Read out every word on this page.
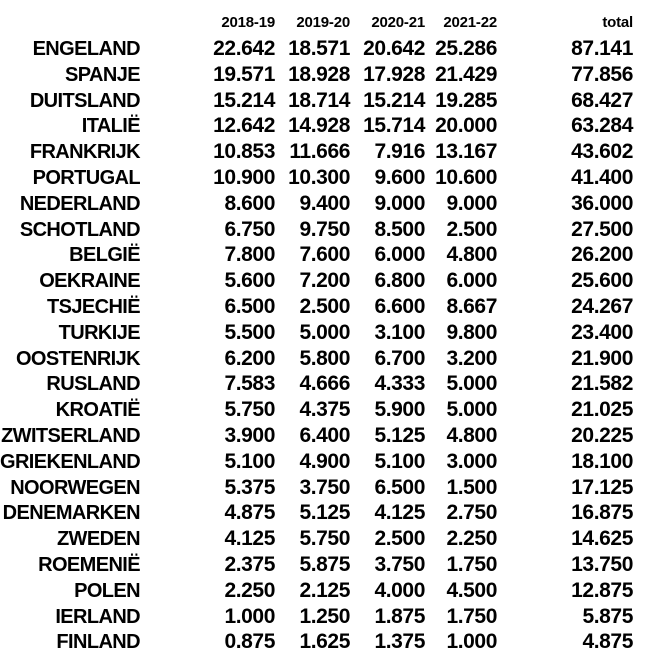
2018-19	2019-20	2020-21	2021-22	total
ENGELAND	22.642 18.571 20.642 25.286	87.141
SPANJE	19.571 18.928 17.928 21.429	77.856
DUITSLAND	15.214 18.714 15.214 19.285	68.427
ITALIË	12.642 14.928 15.714 20.000	63.284
FRANKRIJK	10.853 11.666	7.916 13.167	43.602
PORTUGAL	10.900 10.300	9.600 10.600	41.400
NEDERLAND	8.600	9.400	9.000	9.000	36.000
SCHOTLAND	6.750	9.750	8.500	2.500	27.500
BELGIË	7.800	7.600	6.000	4.800	26.200
OEKRAINE	5.600	7.200	6.800	6.000	25.600
TSJECHIË	6.500	2.500	6.600	8.667	24.267
TURKIJE	5.500	5.000	3.100	9.800	23.400
OOSTENRIJK	6.200	5.800	6.700	3.200	21.900
RUSLAND	7.583	4.666	4.333	5.000	21.582
KROATIË	5.750	4.375	5.900	5.000	21.025
ZWITSERLAND	3.900	6.400	5.125	4.800	20.225
GRIEKENLAND	5.100	4.900	5.100	3.000	18.100
NOORWEGEN	5.375	3.750	6.500	1.500	17.125
DENEMARKEN	4.875	5.125	4.125	2.750	16.875
ZWEDEN	4.125	5.750	2.500	2.250	14.625
ROEMENIË	2.375	5.875	3.750	1.750	13.750
POLEN	2.250	2.125	4.000	4.500	12.875
IERLAND	1.000	1.250	1.875	1.750	5.875
FINLAND	0.875	1.625	1.375	1.000	4.875
